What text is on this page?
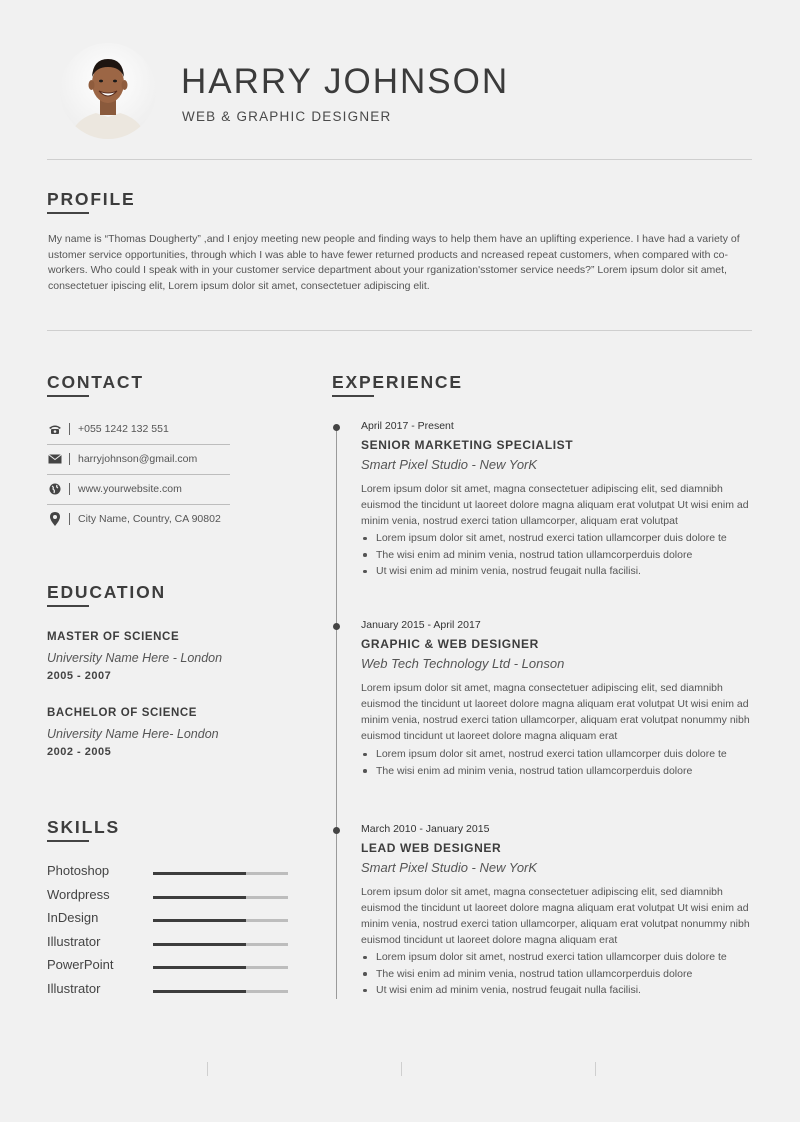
HARRY JOHNSON
WEB & GRAPHIC DESIGNER
PROFILE
My name is “Thomas Dougherty” ,and I enjoy meeting new people and finding ways to help them have an uplifting experience. I have had a variety of ustomer service opportunities, through which I was able to have fewer returned products and ncreased repeat customers, when compared with co-workers. Who could I speak with in your customer service department about your rganization'sstomer service needs?” Lorem ipsum dolor sit amet, consectetuer ipiscing elit, Lorem ipsum dolor sit amet, consectetuer adipiscing elit.
CONTACT
+055 1242 132 551
harryjohnson@gmail.com
www.yourwebsite.com
City Name, Country, CA 90802
EDUCATION
MASTER OF SCIENCE
University Name Here - London
2005 - 2007
BACHELOR OF SCIENCE
University Name Here- London
2002 - 2005
SKILLS
Photoshop
Wordpress
InDesign
Illustrator
PowerPoint
Illustrator
EXPERIENCE
April 2017 - Present
SENIOR MARKETING SPECIALIST
Smart Pixel Studio - New YorK
Lorem ipsum dolor sit amet, magna consectetuer adipiscing elit, sed diamnibh euismod the tincidunt ut laoreet dolore magna aliquam erat volutpat Ut wisi enim ad minim venia, nostrud exerci tation ullamcorper, aliquam erat volutpat
Lorem ipsum dolor sit amet, nostrud exerci tation ullamcorper duis dolore te
The wisi enim ad minim venia, nostrud tation ullamcorperduis dolore
Ut wisi enim ad minim venia, nostrud feugait nulla facilisi.
January 2015 - April 2017
GRAPHIC & WEB DESIGNER
Web Tech Technology Ltd - Lonson
Lorem ipsum dolor sit amet, magna consectetuer adipiscing elit, sed diamnibh euismod the tincidunt ut laoreet dolore magna aliquam erat volutpat Ut wisi enim ad minim venia, nostrud exerci tation ullamcorper, aliquam erat volutpat nonummy nibh euismod tincidunt ut laoreet dolore magna aliquam erat
Lorem ipsum dolor sit amet, nostrud exerci tation ullamcorper duis dolore te
The wisi enim ad minim venia, nostrud tation ullamcorperduis dolore
March 2010 - January 2015
LEAD WEB DESIGNER
Smart Pixel Studio - New YorK
Lorem ipsum dolor sit amet, magna consectetuer adipiscing elit, sed diamnibh euismod the tincidunt ut laoreet dolore magna aliquam erat volutpat Ut wisi enim ad minim venia, nostrud exerci tation ullamcorper, aliquam erat volutpat nonummy nibh euismod tincidunt ut laoreet dolore magna aliquam erat
Lorem ipsum dolor sit amet, nostrud exerci tation ullamcorper duis dolore te
The wisi enim ad minim venia, nostrud tation ullamcorperduis dolore
Ut wisi enim ad minim venia, nostrud feugait nulla facilisi.
